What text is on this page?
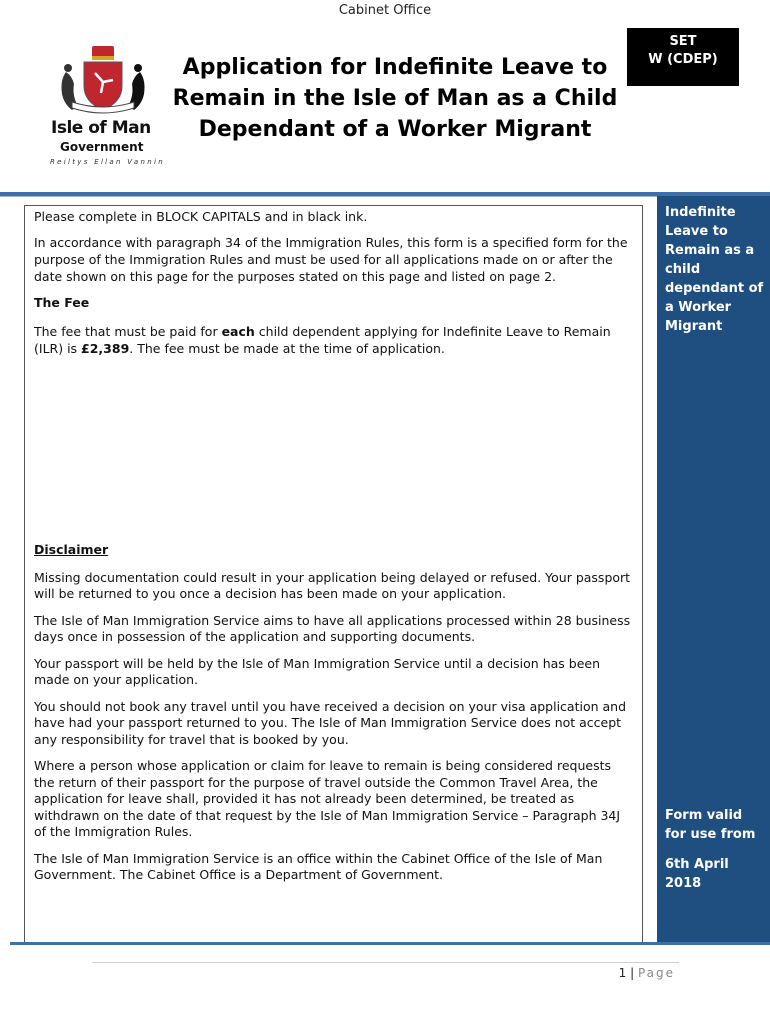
Cabinet Office
Isle of Man
Government
Reiltys Ellan Vannin
Application for Indefinite Leave to
Remain in the Isle of Man as a Child
Dependant of a Worker Migrant
SET
W (CDEP)

Please complete in BLOCK CAPITALS and in black ink.

In accordance with paragraph 34 of the Immigration Rules, this form is a specified form for the purpose of the Immigration Rules and must be used for all applications made on or after the date shown on this page for the purposes stated on this page and listed on page 2.

The Fee

The fee that must be paid for each child dependent applying for Indefinite Leave to Remain (ILR) is £2,389. The fee must be made at the time of application.

Disclaimer

Missing documentation could result in your application being delayed or refused. Your passport will be returned to you once a decision has been made on your application.

The Isle of Man Immigration Service aims to have all applications processed within 28 business days once in possession of the application and supporting documents.

Your passport will be held by the Isle of Man Immigration Service until a decision has been made on your application.

You should not book any travel until you have received a decision on your visa application and have had your passport returned to you. The Isle of Man Immigration Service does not accept any responsibility for travel that is booked by you.

Where a person whose application or claim for leave to remain is being considered requests the return of their passport for the purpose of travel outside the Common Travel Area, the application for leave shall, provided it has not already been determined, be treated as withdrawn on the date of that request by the Isle of Man Immigration Service – Paragraph 34J of the Immigration Rules.

The Isle of Man Immigration Service is an office within the Cabinet Office of the Isle of Man Government. The Cabinet Office is a Department of Government.

Indefinite Leave to Remain as a child dependant of a Worker Migrant
Form valid for use from
6th April 2018
1 | Page
